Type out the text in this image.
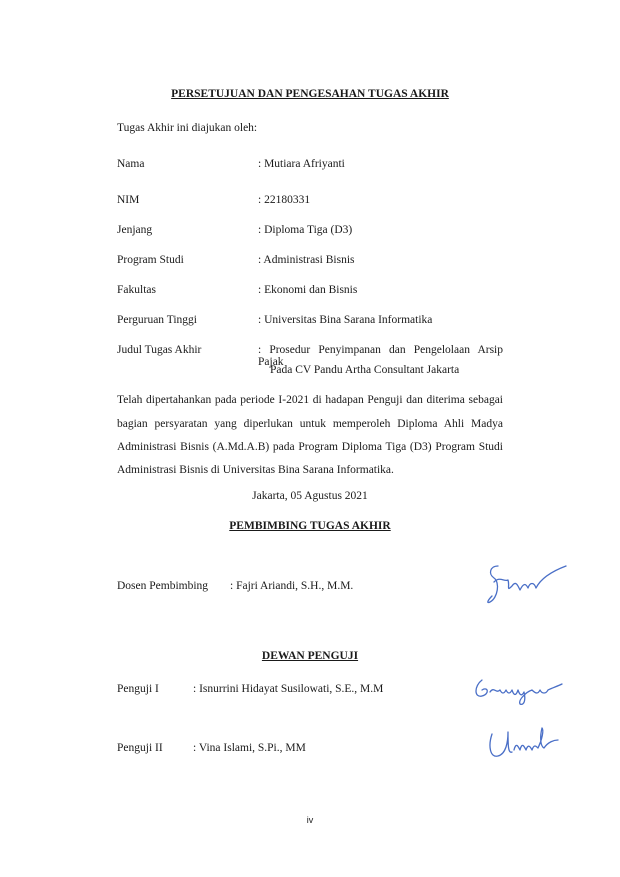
PERSETUJUAN DAN PENGESAHAN TUGAS AKHIR
Tugas Akhir ini diajukan oleh:
Nama	: Mutiara Afriyanti
NIM	: 22180331
Jenjang	: Diploma Tiga (D3)
Program Studi	: Administrasi Bisnis
Fakultas	: Ekonomi dan Bisnis
Perguruan Tinggi	: Universitas Bina Sarana Informatika
Judul Tugas Akhir	: Prosedur Penyimpanan dan Pengelolaan Arsip Pajak
Pada CV Pandu Artha Consultant Jakarta
Telah dipertahankan pada periode I-2021 di hadapan Penguji dan diterima sebagai
bagian persyaratan yang diperlukan untuk memperoleh Diploma Ahli Madya
Administrasi Bisnis (A.Md.A.B) pada Program Diploma Tiga (D3) Program Studi
Administrasi Bisnis di Universitas Bina Sarana Informatika.
Jakarta, 05 Agustus 2021
PEMBIMBING TUGAS AKHIR
Dosen Pembimbing : Fajri Ariandi, S.H., M.M.
DEWAN PENGUJI
Penguji I	: Isnurrini Hidayat Susilowati, S.E., M.M
Penguji II	: Vina Islami, S.Pi., MM
iv
